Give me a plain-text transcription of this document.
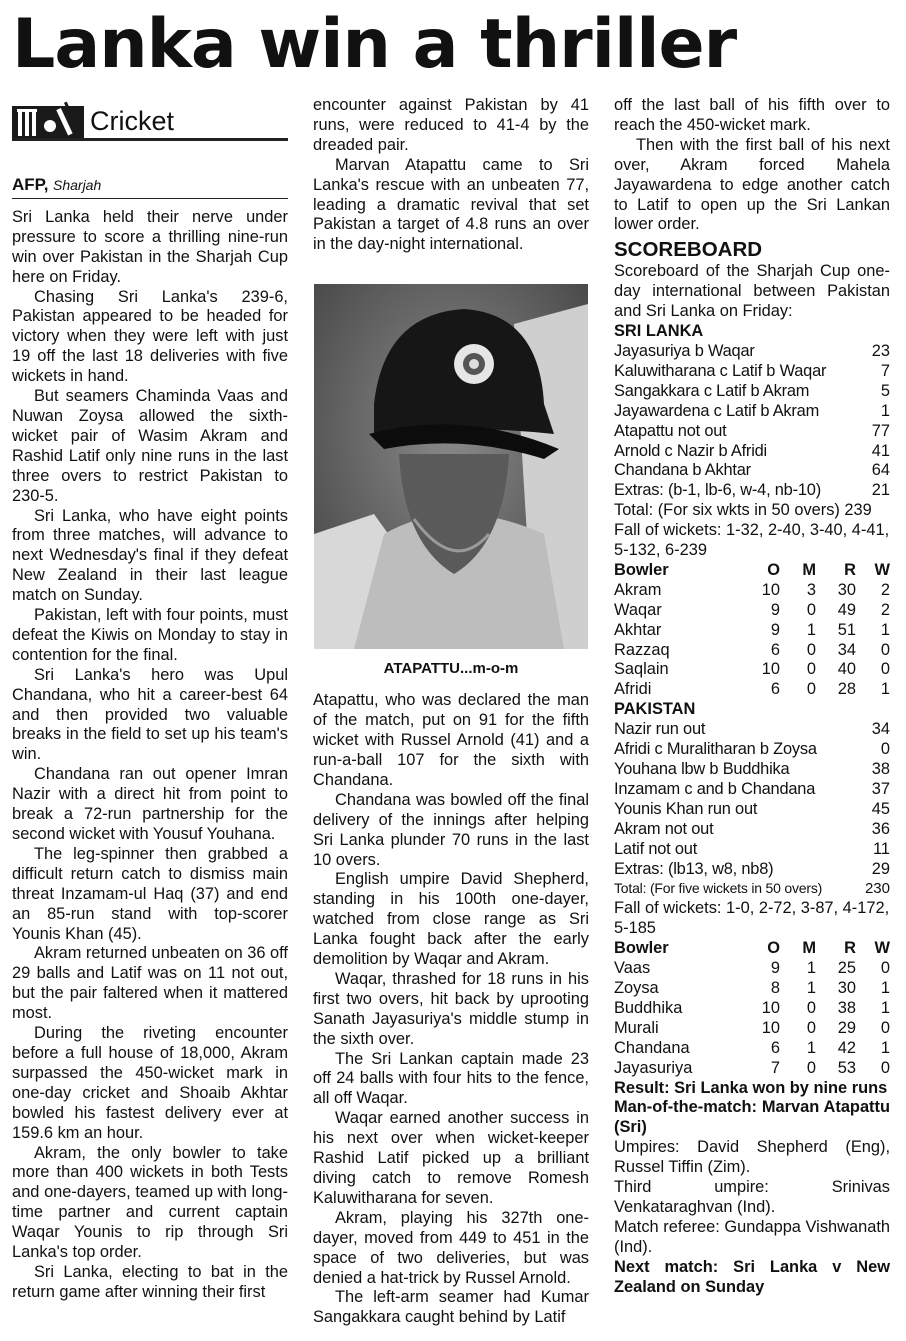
Lanka win a thriller
Cricket
AFP, Sharjah

Sri Lanka held their nerve under pressure to score a thrilling nine-run win over Pakistan in the Sharjah Cup here on Friday.

Chasing Sri Lanka's 239-6, Pakistan appeared to be headed for victory when they were left with just 19 off the last 18 deliveries with five wickets in hand.

But seamers Chaminda Vaas and Nuwan Zoysa allowed the sixth-wicket pair of Wasim Akram and Rashid Latif only nine runs in the last three overs to restrict Pakistan to 230-5.

Sri Lanka, who have eight points from three matches, will advance to next Wednesday's final if they defeat New Zealand in their last league match on Sunday.

Pakistan, left with four points, must defeat the Kiwis on Monday to stay in contention for the final.

Sri Lanka's hero was Upul Chandana, who hit a career-best 64 and then provided two valuable breaks in the field to set up his team's win.

Chandana ran out opener Imran Nazir with a direct hit from point to break a 72-run partnership for the second wicket with Yousuf Youhana.

The leg-spinner then grabbed a difficult return catch to dismiss main threat Inzamam-ul Haq (37) and end an 85-run stand with top-scorer Younis Khan (45).

Akram returned unbeaten on 36 off 29 balls and Latif was on 11 not out, but the pair faltered when it mattered most.

During the riveting encounter before a full house of 18,000, Akram surpassed the 450-wicket mark in one-day cricket and Shoaib Akhtar bowled his fastest delivery ever at 159.6 km an hour.

Akram, the only bowler to take more than 400 wickets in both Tests and one-dayers, teamed up with long-time partner and current captain Waqar Younis to rip through Sri Lanka's top order.

Sri Lanka, electing to bat in the return game after winning their first

encounter against Pakistan by 41 runs, were reduced to 41-4 by the dreaded pair.

Marvan Atapattu came to Sri Lanka's rescue with an unbeaten 77, leading a dramatic revival that set Pakistan a target of 4.8 runs an over in the day-night international.

ATAPATTU...m-o-m

Atapattu, who was declared the man of the match, put on 91 for the fifth wicket with Russel Arnold (41) and a run-a-ball 107 for the sixth with Chandana.

Chandana was bowled off the final delivery of the innings after helping Sri Lanka plunder 70 runs in the last 10 overs.

English umpire David Shepherd, standing in his 100th one-dayer, watched from close range as Sri Lanka fought back after the early demolition by Waqar and Akram.

Waqar, thrashed for 18 runs in his first two overs, hit back by uprooting Sanath Jayasuriya's middle stump in the sixth over.

The Sri Lankan captain made 23 off 24 balls with four hits to the fence, all off Waqar.

Waqar earned another success in his next over when wicket-keeper Rashid Latif picked up a brilliant diving catch to remove Romesh Kaluwitharana for seven.

Akram, playing his 327th one-dayer, moved from 449 to 451 in the space of two deliveries, but was denied a hat-trick by Russel Arnold.

The left-arm seamer had Kumar Sangakkara caught behind by Latif

off the last ball of his fifth over to reach the 450-wicket mark.

Then with the first ball of his next over, Akram forced Mahela Jayawardena to edge another catch to Latif to open up the Sri Lankan lower order.

SCOREBOARD
Scoreboard of the Sharjah Cup one-day international between Pakistan and Sri Lanka on Friday:
SRI LANKA
Jayasuriya b Waqar	23
Kaluwitharana c Latif b Waqar	7
Sangakkara c Latif b Akram	5
Jayawardena c Latif b Akram	1
Atapattu not out	77
Arnold c Nazir b Afridi	41
Chandana b Akhtar	64
Extras: (b-1, lb-6, w-4, nb-10)	21
Total: (For six wkts in 50 overs) 239
Fall of wickets: 1-32, 2-40, 3-40, 4-41, 5-132, 6-239
Bowler	O	M	R	W
Akram	10	3	30	2
Waqar	9	0	49	2
Akhtar	9	1	51	1
Razzaq	6	0	34	0
Saqlain	10	0	40	0
Afridi	6	0	28	1
PAKISTAN
Nazir run out	34
Afridi c Muralitharan b Zoysa	0
Youhana lbw b Buddhika	38
Inzamam c and b Chandana	37
Younis Khan run out	45
Akram not out	36
Latif not out	11
Extras: (lb13, w8, nb8)	29
Total: (For five wickets in 50 overs)	230
Fall of wickets: 1-0, 2-72, 3-87, 4-172, 5-185
Bowler	O	M	R	W
Vaas	9	1	25	0
Zoysa	8	1	30	1
Buddhika	10	0	38	1
Murali	10	0	29	0
Chandana	6	1	42	1
Jayasuriya	7	0	53	0
Result: Sri Lanka won by nine runs
Man-of-the-match: Marvan Atapattu (Sri)
Umpires: David Shepherd (Eng), Russel Tiffin (Zim).
Third umpire: Srinivas Venkataraghvan (Ind).
Match referee: Gundappa Vishwanath (Ind).
Next match: Sri Lanka v New Zealand on Sunday
